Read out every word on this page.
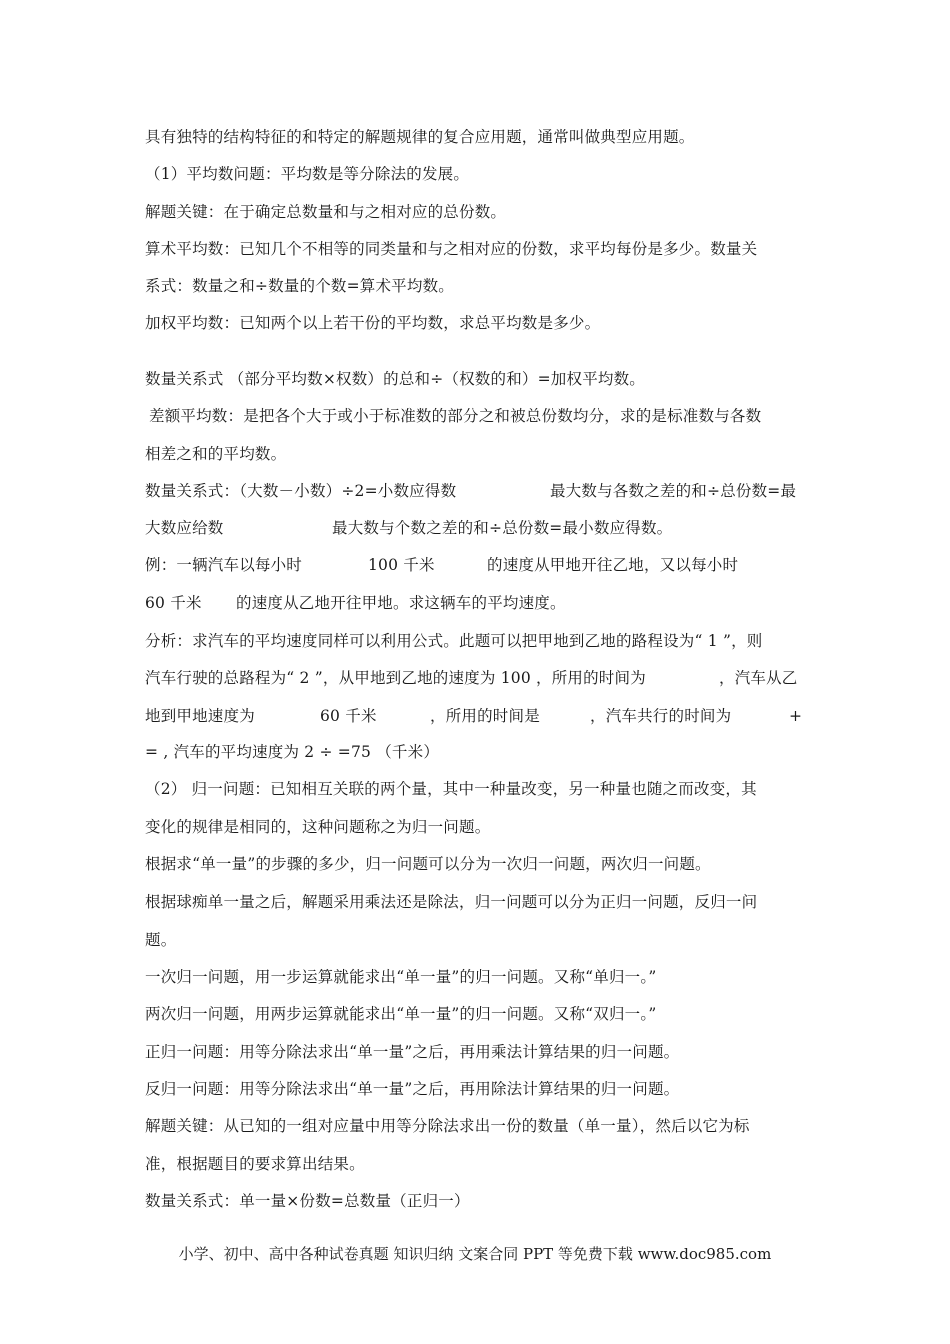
具有独特的结构特征的和特定的解题规律的复合应用题，通常叫做典型应用题。
（1）平均数问题：平均数是等分除法的发展。
解题关键：在于确定总数量和与之相对应的总份数。
算术平均数：已知几个不相等的同类量和与之相对应的份数，求平均每份是多少。数量关
系式：数量之和÷数量的个数=算术平均数。
加权平均数：已知两个以上若干份的平均数，求总平均数是多少。
数量关系式 （部分平均数×权数）的总和÷（权数的和）=加权平均数。
差额平均数：是把各个大于或小于标准数的部分之和被总份数均分，求的是标准数与各数
相差之和的平均数。
数量关系式：（大数－小数）÷2=小数应得数	最大数与各数之差的和÷总份数=最
大数应给数	最大数与个数之差的和÷总份数=最小数应得数。
例：一辆汽车以每小时	100 千米	的速度从甲地开往乙地，又以每小时
60 千米 的速度从乙地开往甲地。求这辆车的平均速度。
分析：求汽车的平均速度同样可以利用公式。此题可以把甲地到乙地的路程设为“ 1 ”，则
汽车行驶的总路程为“ 2 ”，从甲地到乙地的速度为 100 ，所用的时间为	，汽车从乙
地到甲地速度为	60 千米	，所用的时间是	，汽车共行的时间为	+
= , 汽车的平均速度为 2 ÷ =75 （千米）
（2） 归一问题：已知相互关联的两个量，其中一种量改变，另一种量也随之而改变，其
变化的规律是相同的，这种问题称之为归一问题。
根据求“单一量”的步骤的多少，归一问题可以分为一次归一问题，两次归一问题。
根据球痴单一量之后，解题采用乘法还是除法，归一问题可以分为正归一问题，反归一问
题。
一次归一问题，用一步运算就能求出“单一量”的归一问题。又称“单归一。”
两次归一问题，用两步运算就能求出“单一量”的归一问题。又称“双归一。”
正归一问题：用等分除法求出“单一量”之后，再用乘法计算结果的归一问题。
反归一问题：用等分除法求出“单一量”之后，再用除法计算结果的归一问题。
解题关键：从已知的一组对应量中用等分除法求出一份的数量（单一量），然后以它为标
准，根据题目的要求算出结果。
数量关系式：单一量×份数=总数量（正归一）
小学、初中、高中各种试卷真题 知识归纳 文案合同 PPT 等免费下载 www.doc985.com
